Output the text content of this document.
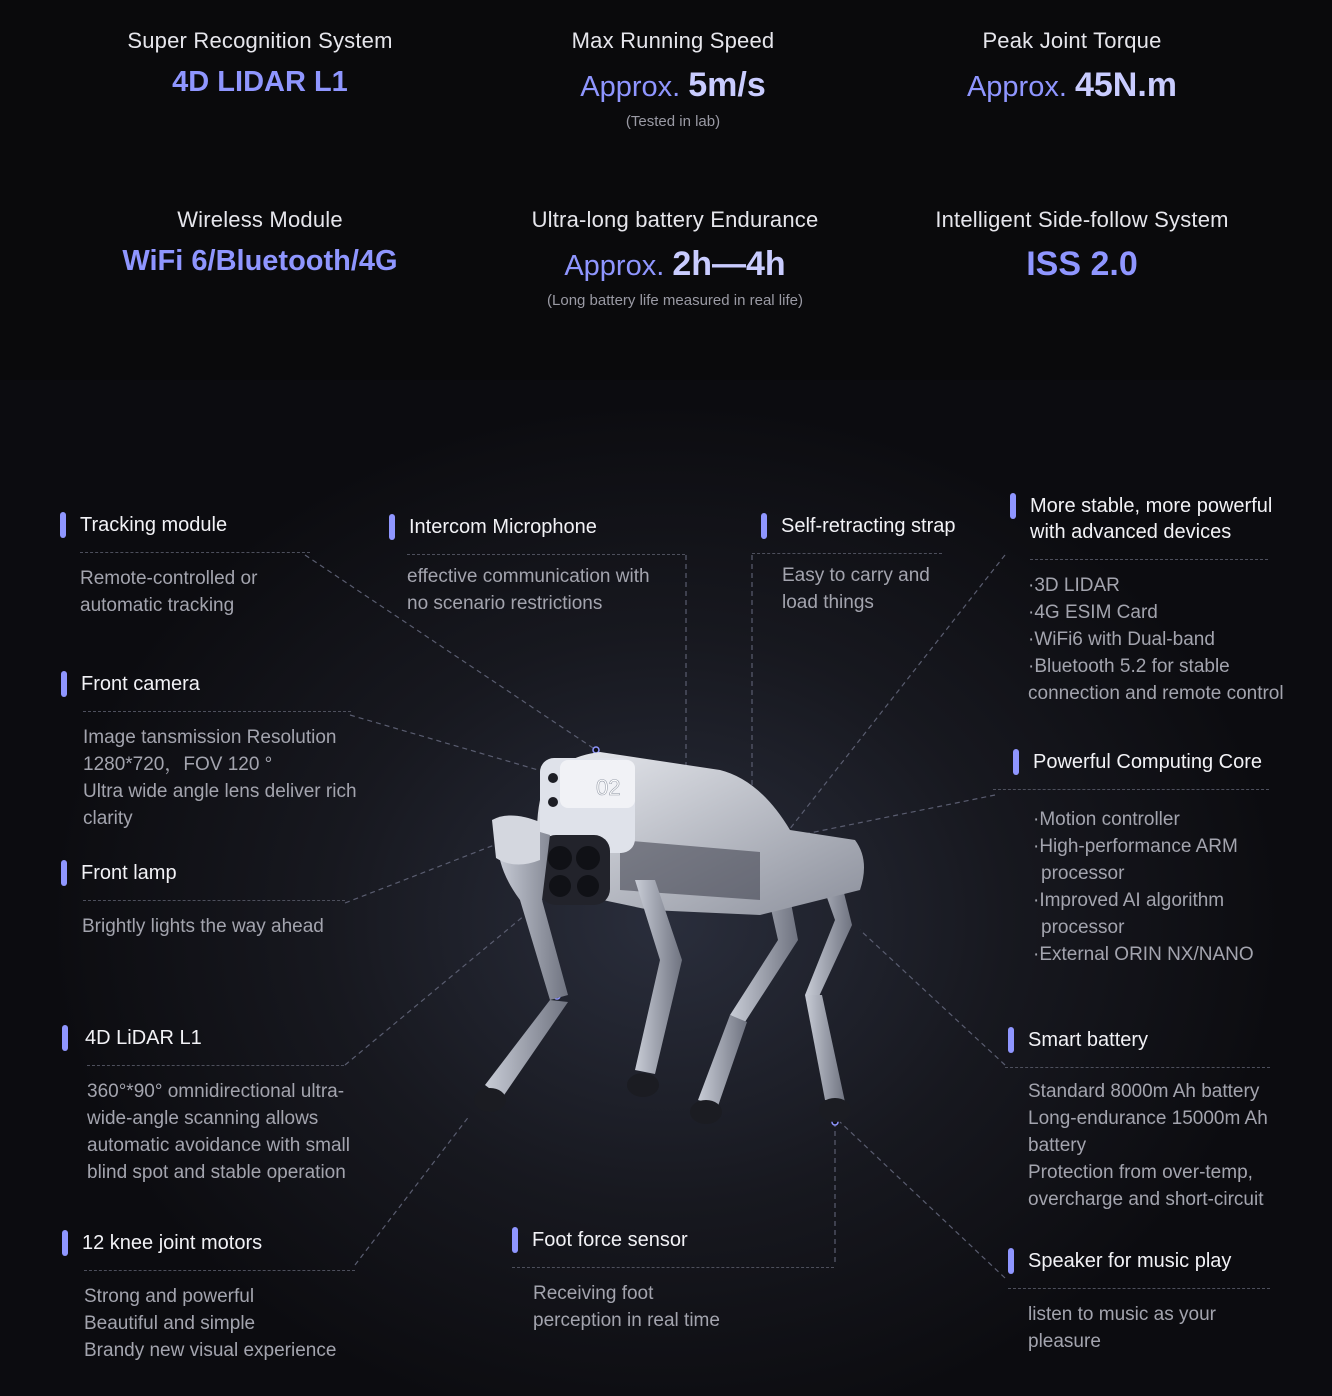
Super Recognition System
4D LIDAR L1
Max Running Speed
Approx. 5m/s
(Tested in lab)
Peak Joint Torque
Approx. 45N.m
Wireless Module
WiFi 6/Bluetooth/4G
Ultra-long battery Endurance
Approx. 2h—4h
(Long battery life measured in real life)
Intelligent Side-follow System
ISS 2.0
02
Tracking module
Remote-controlled or
automatic tracking
Front camera
Image tansmission Resolution
1280*720，FOV 120 °
Ultra wide angle lens deliver rich
clarity
Front lamp
Brightly lights the way ahead
4D LiDAR L1
360°*90° omnidirectional ultra-
wide-angle scanning allows
automatic avoidance with small
blind spot and stable operation
12 knee joint motors
Strong and powerful
Beautiful and simple
Brandy new visual experience
Intercom Microphone
effective communication with
no scenario restrictions
Foot force sensor
Receiving foot
perception in real time
Self-retracting strap
Easy to carry and
load things
More stable, more powerful with advanced devices
·3D LIDAR
·4G ESIM Card
·WiFi6 with Dual-band
·Bluetooth 5.2 for stable
connection and remote control
Powerful Computing Core
·Motion controller
·High-performance ARM
processor
·Improved AI algorithm
processor
·External ORIN NX/NANO
Smart battery
Standard 8000m Ah battery
Long-endurance 15000m Ah
battery
Protection from over-temp,
overcharge and short-circuit
Speaker for music play
listen to music as your
pleasure
